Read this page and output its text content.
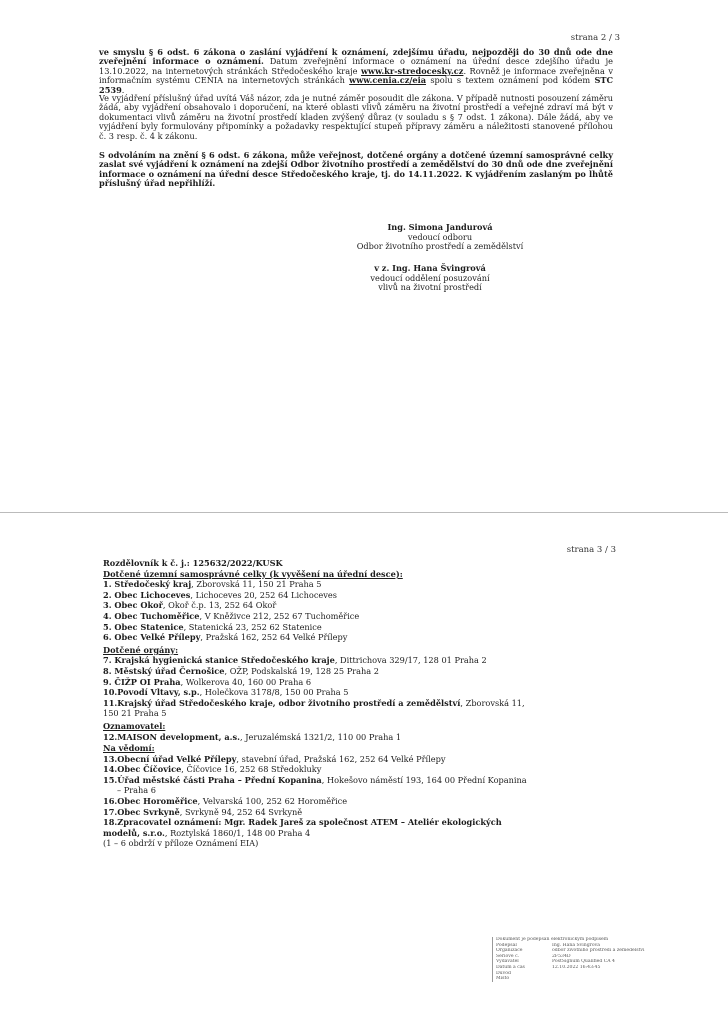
strana 2 / 3
ve smyslu § 6 odst. 6 zákona o zaslání vyjádření k oznámení, zdejšímu úřadu, nejpozději do 30 dnů ode dne zveřejnění informace o oznámení. Datum zveřejnění informace o oznámení na úřední desce zdejšího úřadu je 13.10.2022, na internetových stránkách Středočeského kraje www.kr-stredocesky.cz. Rovněž je informace zveřejněna v informačním systému CENIA na internetových stránkách www.cenia.cz/eia spolu s textem oznámení pod kódem STC 2539.
Ve vyjádření příslušný úřad uvítá Váš názor, zda je nutné záměr posoudit dle zákona. V případě nutnosti posouzení záměru žádá, aby vyjádření obsahovalo i doporučení, na které oblasti vlivů záměru na životní prostředí a veřejné zdraví má být v dokumentaci vlivů záměru na životní prostředí kladen zvýšený důraz (v souladu s § 7 odst. 1 zákona). Dále žádá, aby ve vyjádření byly formulovány připomínky a požadavky respektující stupeň přípravy záměru a náležitosti stanovené přílohou č. 3 resp. č. 4 k zákonu.
S odvoláním na znění § 6 odst. 6 zákona, může veřejnost, dotčené orgány a dotčené územní samosprávné celky zaslat své vyjádření k oznámení na zdejší Odbor životního prostředí a zemědělství do 30 dnů ode dne zveřejnění informace o oznámení na úřední desce Středočeského kraje, tj. do 14.11.2022. K vyjádřením zaslaným po lhůtě příslušný úřad nepřihlíží.
Ing. Simona Jandurová
vedoucí odboru
Odbor životního prostředí a zemědělství
v z. Ing. Hana Švingrová
vedoucí oddělení posuzování
vlivů na životní prostředí
strana 3 / 3
Rozdělovník k č. j.: 125632/2022/KUSK
Dotčené územní samosprávné celky (k vyvěšení na úřední desce):
1. Středočeský kraj, Zborovská 11, 150 21 Praha 5
2. Obec Lichoceves, Lichoceves 20, 252 64 Lichoceves
3. Obec Okoř, Okoř č.p. 13, 252 64 Okoř
4. Obec Tuchoměřice, V Kněživce 212, 252 67 Tuchoměřice
5. Obec Statenice, Statenická 23, 252 62 Statenice
6. Obec Velké Přílepy, Pražská 162, 252 64 Velké Přílepy
Dotčené orgány:
7. Krajská hygienická stanice Středočeského kraje, Dittrichova 329/17, 128 01 Praha 2
8. Městský úřad Černošice, OŽP, Podskalská 19, 128 25 Praha 2
9. ČIŽP OI Praha, Wolkerova 40, 160 00 Praha 6
10.Povodí Vltavy, s.p., Holečkova 3178/8, 150 00 Praha 5
11.Krajský úřad Středočeského kraje, odbor životního prostředí a zemědělství, Zborovská 11,
150 21 Praha 5
Oznamovatel:
12.MAISON development, a.s., Jeruzalémská 1321/2, 110 00 Praha 1
Na vědomí:
13.Obecní úřad Velké Přílepy, stavební úřad, Pražská 162, 252 64 Velké Přílepy
14.Obec Číčovice, Číčovice 16, 252 68 Středokluky
15.Úřad městské části Praha – Přední Kopanina, Hokešovo náměstí 193, 164 00 Přední Kopanina
– Praha 6
16.Obec Horoměřice, Velvarská 100, 252 62 Horoměřice
17.Obec Svrkyně, Svrkyně 94, 252 64 Svrkyně
18.Zpracovatel oznámení: Mgr. Radek Jareš za společnost ATEM – Ateliér ekologických
modelů, s.r.o., Roztylská 1860/1, 148 00 Praha 4
(1 – 6 obdrží v příloze Oznámení EIA)
Dokument je podepsán elektronickým podpisem
Podepsal	Ing. Hana Švingrová
Organizace	odbor životního prostředí a zemědělství
Sériové č.	2F534D
Vydavatel	PostSignum Qualified CA 4
Datum a čas	12.10.2022 16:43:45
Důvod
Místo
